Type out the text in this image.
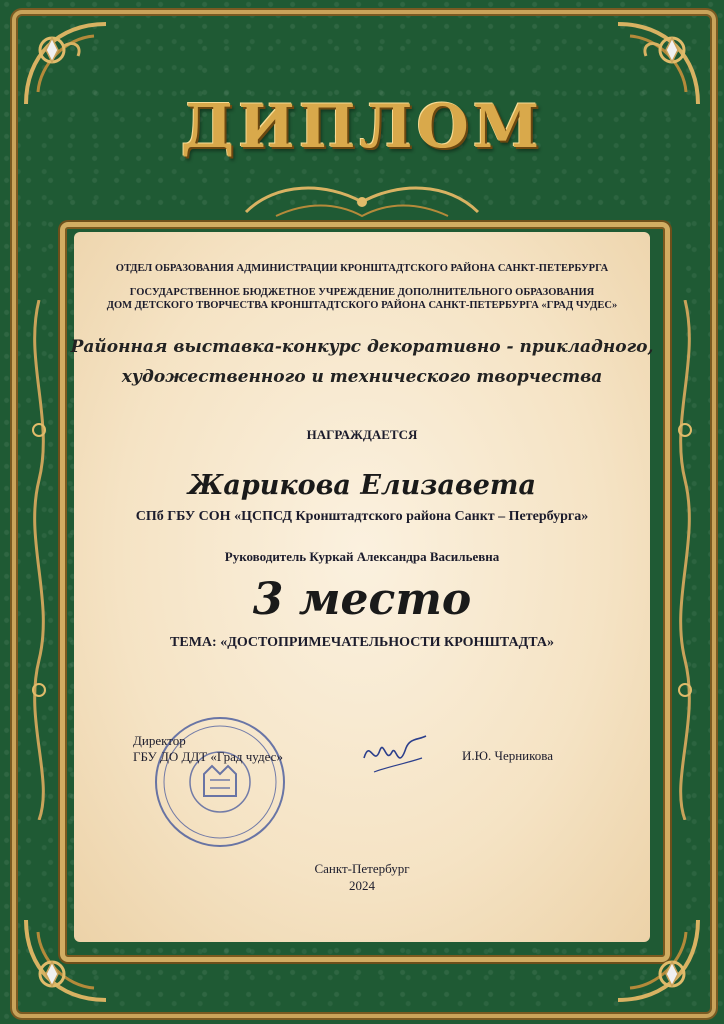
ДИПЛОМ
ОТДЕЛ ОБРАЗОВАНИЯ АДМИНИСТРАЦИИ КРОНШТАДТСКОГО РАЙОНА САНКТ-ПЕТЕРБУРГА
ГОСУДАРСТВЕННОЕ БЮДЖЕТНОЕ УЧРЕЖДЕНИЕ ДОПОЛНИТЕЛЬНОГО ОБРАЗОВАНИЯ
ДОМ ДЕТСКОГО ТВОРЧЕСТВА КРОНШТАДТСКОГО РАЙОНА САНКТ-ПЕТЕРБУРГА «ГРАД ЧУДЕС»
Районная выставка-конкурс декоративно - прикладного,
художественного и технического творчества
НАГРАЖДАЕТСЯ
Жарикова Елизавета
СПб ГБУ СОН «ЦСПСД Кронштадтского района Санкт – Петербурга»
Руководитель Куркай Александра Васильевна
3 место
ТЕМА: «ДОСТОПРИМЕЧАТЕЛЬНОСТИ КРОНШТАДТА»
Директор
ГБУ ДО ДДТ «Град чудес»	И.Ю. Черникова
Санкт-Петербург
2024
